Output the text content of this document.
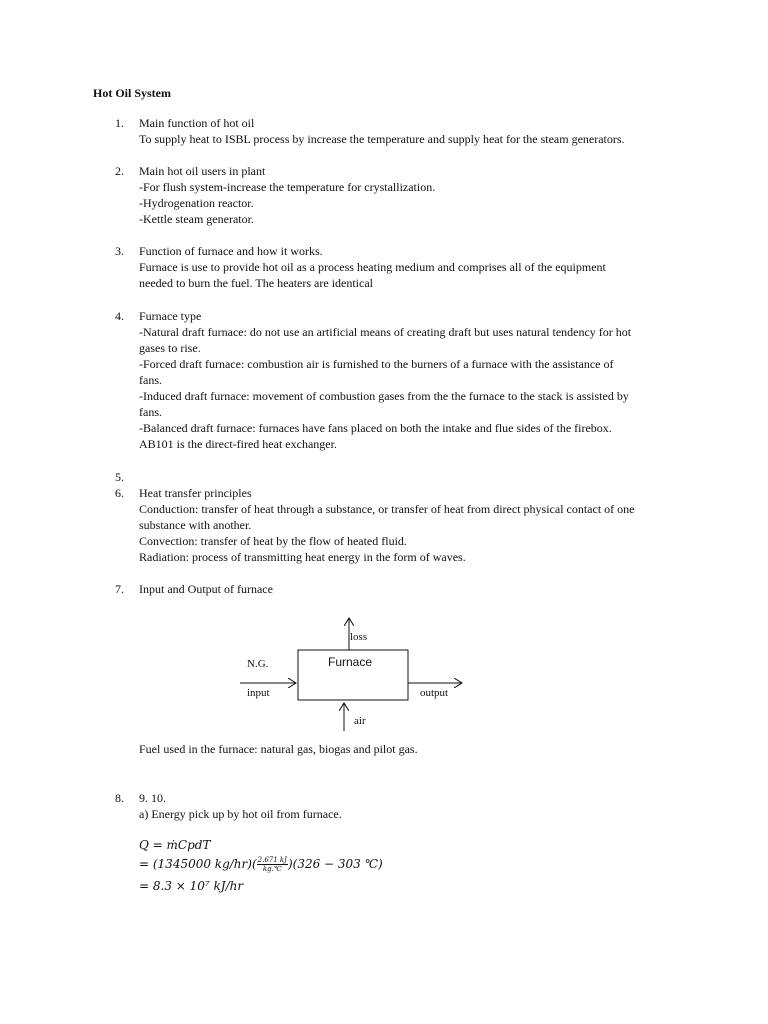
Hot Oil System
1.	Main function of hot oil
To supply heat to ISBL process by increase the temperature and supply heat for the steam generators.
2.	Main hot oil users in plant
-For flush system-increase the temperature for crystallization.
-Hydrogenation reactor.
-Kettle steam generator.
3.	Function of furnace and how it works.
Furnace is use to provide hot oil as a process heating medium and comprises all of the equipment
needed to burn the fuel. The heaters are identical
4.	Furnace type
-Natural draft furnace: do not use an artificial means of creating draft but uses natural tendency for hot
gases to rise.
-Forced draft furnace: combustion air is furnished to the burners of a furnace with the assistance of
fans.
-Induced draft furnace: movement of combustion gases from the the furnace to the stack is assisted by
fans.
-Balanced draft furnace: furnaces have fans placed on both the intake and flue sides of the firebox.
AB101 is the direct-fired heat exchanger.
5.
6.	Heat transfer principles
Conduction: transfer of heat through a substance, or transfer of heat from direct physical contact of one
substance with another.
Convection: transfer of heat by the flow of heated fluid.
Radiation: process of transmitting heat energy in the form of waves.
7.	Input and Output of furnace
Furnace
loss
N.G.
input	output
air
Fuel used in the furnace: natural gas, biogas and pilot gas.
8.	9. 10.
a) Energy pick up by hot oil from furnace.
Q = ṁCpdT
= (1345000 $kg/hr)( \frac{2.671 kJ}{kg.℃} )(326 - 303$ ℃)
= 8.3 × 10⁷ kJ/hr
